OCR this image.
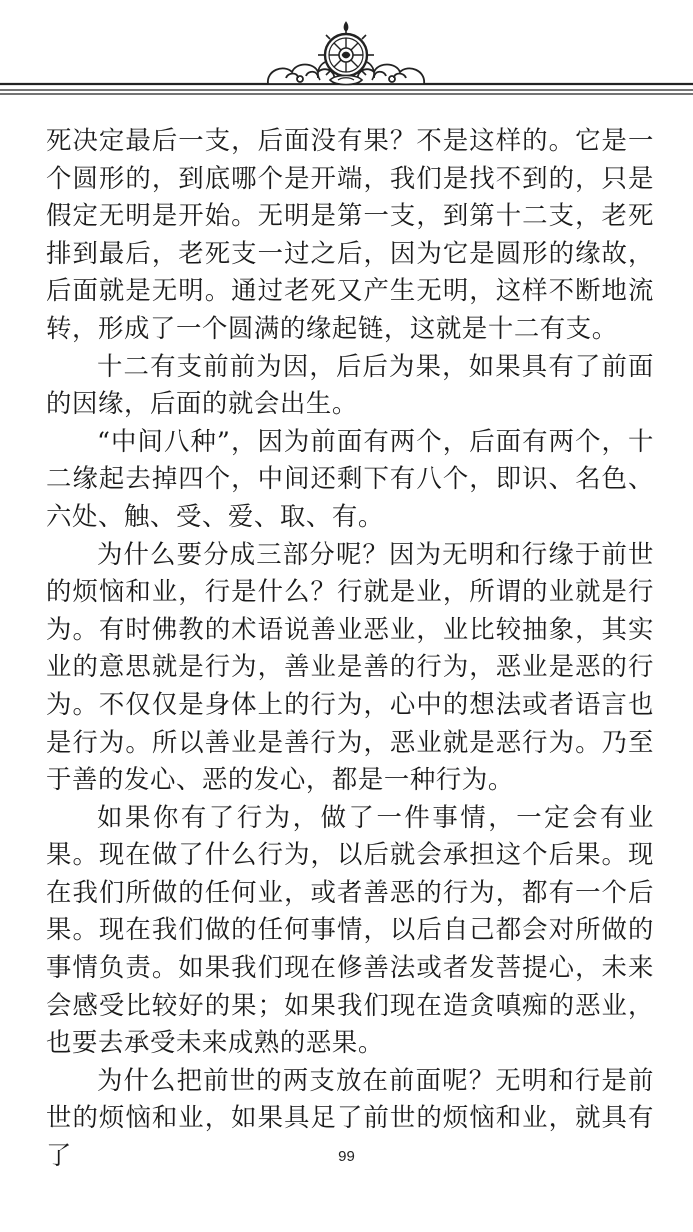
死决定最后一支，后面没有果？不是这样的。它是一个圆形的，到底哪个是开端，我们是找不到的，只是假定无明是开始。无明是第一支，到第十二支，老死排到最后，老死支一过之后，因为它是圆形的缘故，后面就是无明。通过老死又产生无明，这样不断地流转，形成了一个圆满的缘起链，这就是十二有支。

十二有支前前为因，后后为果，如果具有了前面的因缘，后面的就会出生。

“中间八种”，因为前面有两个，后面有两个，十二缘起去掉四个，中间还剩下有八个，即识、名色、六处、触、受、爱、取、有。

为什么要分成三部分呢？因为无明和行缘于前世的烦恼和业，行是什么？行就是业，所谓的业就是行为。有时佛教的术语说善业恶业，业比较抽象，其实业的意思就是行为，善业是善的行为，恶业是恶的行为。不仅仅是身体上的行为，心中的想法或者语言也是行为。所以善业是善行为，恶业就是恶行为。乃至于善的发心、恶的发心，都是一种行为。

如果你有了行为，做了一件事情，一定会有业果。现在做了什么行为，以后就会承担这个后果。现在我们所做的任何业，或者善恶的行为，都有一个后果。现在我们做的任何事情，以后自己都会对所做的事情负责。如果我们现在修善法或者发菩提心，未来会感受比较好的果；如果我们现在造贪嗔痴的恶业，也要去承受未来成熟的恶果。

为什么把前世的两支放在前面呢？无明和行是前世的烦恼和业，如果具足了前世的烦恼和业，就具有了	99
